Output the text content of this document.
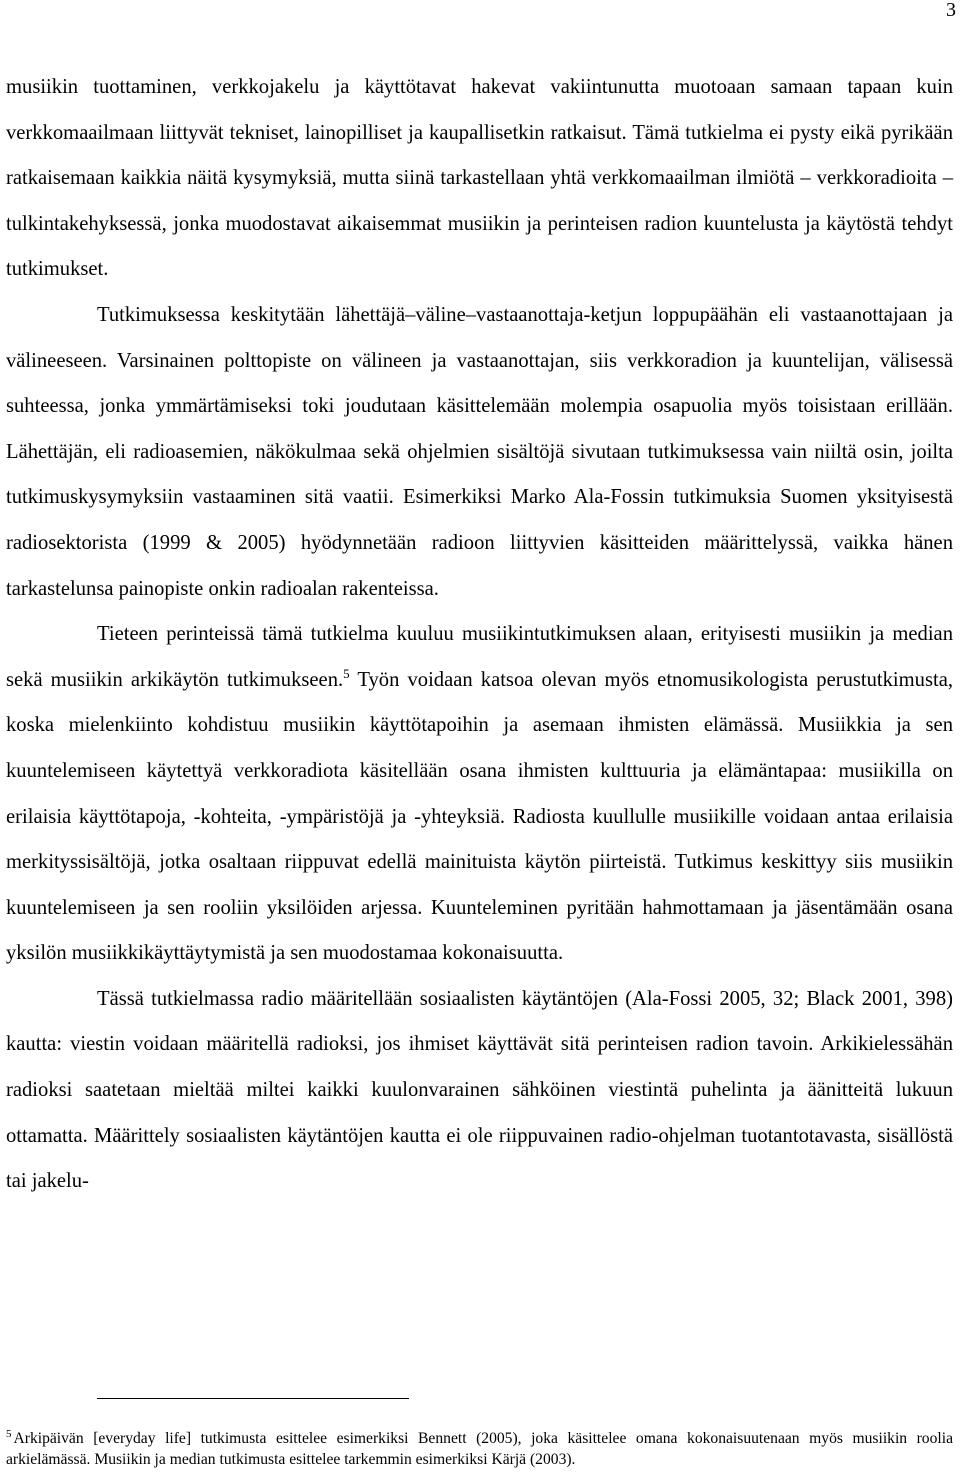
3

musiikin tuottaminen, verkkojakelu ja käyttötavat hakevat vakiintunutta muotoaan samaan tapaan kuin verkkomaailmaan liittyvät tekniset, lainopilliset ja kaupallisetkin ratkaisut. Tämä tutkielma ei pysty eikä pyrikään ratkaisemaan kaikkia näitä kysymyksiä, mutta siinä tarkastellaan yhtä verkkomaailman ilmiötä – verkkoradioita – tulkintakehyksessä, jonka muodostavat aikaisemmat musiikin ja perinteisen radion kuuntelusta ja käytöstä tehdyt tutkimukset.

Tutkimuksessa keskitytään lähettäjä–väline–vastaanottaja-ketjun loppupäähän eli vastaanottajaan ja välineeseen. Varsinainen polttopiste on välineen ja vastaanottajan, siis verkkoradion ja kuuntelijan, välisessä suhteessa, jonka ymmärtämiseksi toki joudutaan käsittelemään molempia osapuolia myös toisistaan erillään. Lähettäjän, eli radioasemien, näkökulmaa sekä ohjelmien sisältöjä sivutaan tutkimuksessa vain niiltä osin, joilta tutkimuskysymyksiin vastaaminen sitä vaatii. Esimerkiksi Marko Ala-Fossin tutkimuksia Suomen yksityisestä radiosektorista (1999 & 2005) hyödynnetään radioon liittyvien käsitteiden määrittelyssä, vaikka hänen tarkastelunsa painopiste onkin radioalan rakenteissa.

Tieteen perinteissä tämä tutkielma kuuluu musiikintutkimuksen alaan, erityisesti musiikin ja median sekä musiikin arkikäytön tutkimukseen.$^5$ Työn voidaan katsoa olevan myös etnomusikologista perustutkimusta, koska mielenkiinto kohdistuu musiikin käyttötapoihin ja asemaan ihmisten elämässä. Musiikkia ja sen kuuntelemiseen käytettyä verkkoradiota käsitellään osana ihmisten kulttuuria ja elämäntapaa: musiikilla on erilaisia käyttötapoja, -kohteita, -ympäristöjä ja -yhteyksiä. Radiosta kuullulle musiikille voidaan antaa erilaisia merkityssisältöjä, jotka osaltaan riippuvat edellä mainituista käytön piirteistä. Tutkimus keskittyy siis musiikin kuuntelemiseen ja sen rooliin yksilöiden arjessa. Kuunteleminen pyritään hahmottamaan ja jäsentämään osana yksilön musiikkikäyttäytymistä ja sen muodostamaa kokonaisuutta.

Tässä tutkielmassa radio määritellään sosiaalisten käytäntöjen (Ala-Fossi 2005, 32; Black 2001, 398) kautta: viestin voidaan määritellä radioksi, jos ihmiset käyttävät sitä perinteisen radion tavoin. Arkikielessähän radioksi saatetaan mieltää miltei kaikki kuulonvarainen sähköinen viestintä puhelinta ja äänitteitä lukuun ottamatta. Määrittely sosiaalisten käytäntöjen kautta ei ole riippuvainen radio-ohjelman tuotantotavasta, sisällöstä tai jakelu-

$^5$ Arkipäivän [everyday life] tutkimusta esittelee esimerkiksi Bennett (2005), joka käsittelee omana kokonaisuutenaan myös musiikin roolia arkielämässä. Musiikin ja median tutkimusta esittelee tarkemmin esimerkiksi Kärjä (2003).
